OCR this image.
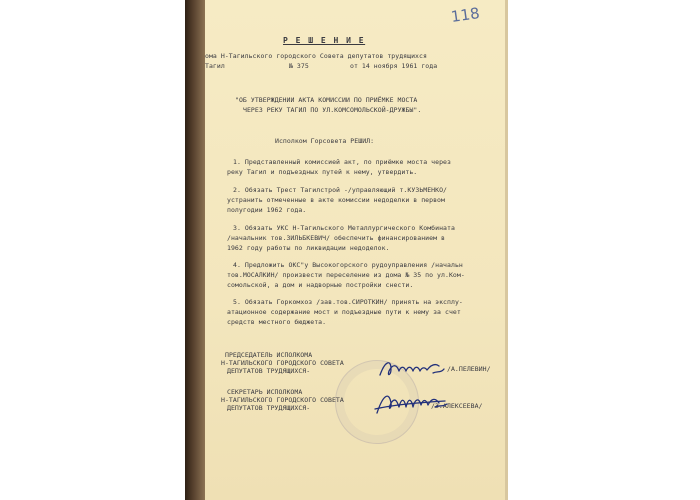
118
Р Е Ш Е Н И Е
ома Н-Тагильского городского Совета депутатов трудящихся
Тагил	№ 375	от 14 ноября 1961 года
"ОБ УТВЕРЖДЕНИИ АКТА КОМИССИИ ПО ПРИЁМКЕ МОСТА
ЧЕРЕЗ РЕКУ ТАГИЛ ПО УЛ.КОМСОМОЛЬСКОЙ-ДРУЖБЫ".
Исполком Горсовета РЕШИЛ:
1. Представленный комиссией акт, по приёмке моста через
реку Тагил и подъездных путей к нему, утвердить.
2. Обязать Трест Тагилстрой -/управляющий т.КУЗЬМЕНКО/
устранить отмеченные в акте комиссии недоделки в первом
полугодии 1962 года.
3. Обязать УКС Н-Тагильского Металлургического Комбината
/начальник тов.ЗИЛЬБКЕВИЧ/ обеспечить финансированием в
1962 году работы по ликвидации недоделок.
4. Предложить ОКС"у Высокогорского рудоуправления /начальн
тов.МОСАЛКИН/ произвести переселение из дома № 35 по ул.Ком-
сомольской, а дом и надворные постройки снести.
5. Обязать Горкомхоз /зав.тов.СИРОТКИН/ принять на эксплу-
атационное содержание мост и подъездные пути к нему за счет
средств местного бюджета.
ПРЕДСЕДАТЕЛЬ ИСПОЛКОМА
Н-ТАГИЛЬСКОГО ГОРОДСКОГО СОВЕТА
ДЕПУТАТОВ ТРУДЯЩИХСЯ-	/А.ПЕЛЕВИН/
СЕКРЕТАРЬ ИСПОЛКОМА
Н-ТАГИЛЬСКОГО ГОРОДСКОГО СОВЕТА
ДЕПУТАТОВ ТРУДЯЩИХСЯ-	/З.АЛЕКСЕЕВА/
